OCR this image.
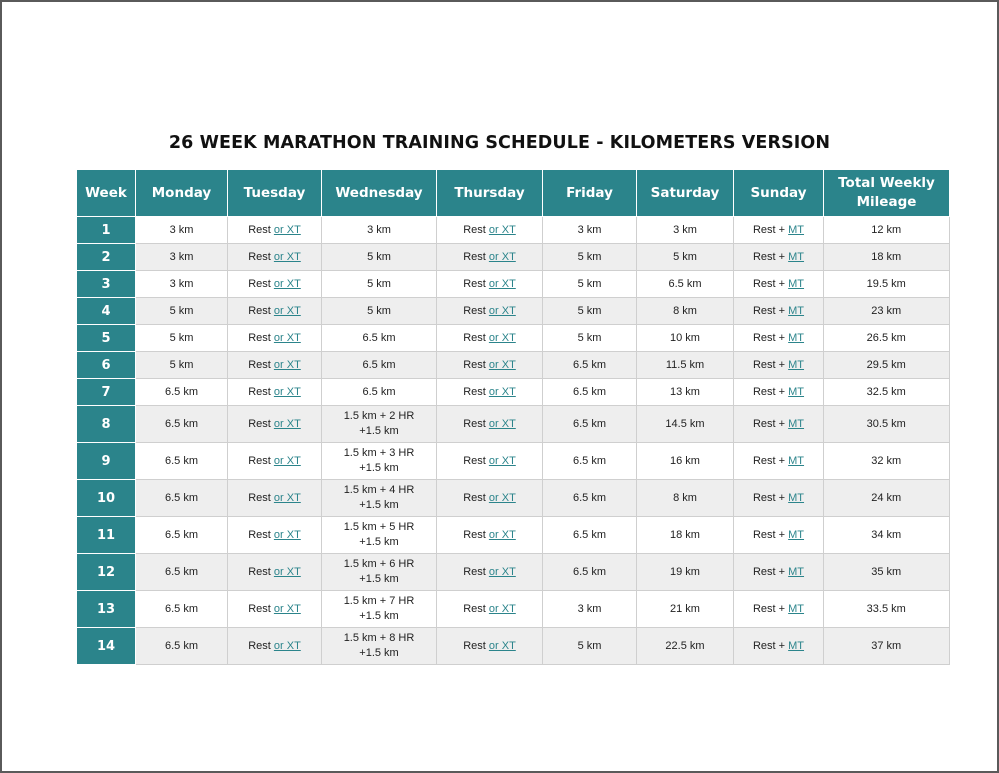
26 WEEK MARATHON TRAINING SCHEDULE - KILOMETERS VERSION
Week	Monday	Tuesday	Wednesday	Thursday	Friday	Saturday	Sunday	Total Weekly Mileage
1	3 km	Rest or XT	3 km	Rest or XT	3 km	3 km	Rest + MT	12 km
2	3 km	Rest or XT	5 km	Rest or XT	5 km	5 km	Rest + MT	18 km
3	3 km	Rest or XT	5 km	Rest or XT	5 km	6.5 km	Rest + MT	19.5 km
4	5 km	Rest or XT	5 km	Rest or XT	5 km	8 km	Rest + MT	23 km
5	5 km	Rest or XT	6.5 km	Rest or XT	5 km	10 km	Rest + MT	26.5 km
6	5 km	Rest or XT	6.5 km	Rest or XT	6.5 km	11.5 km	Rest + MT	29.5 km
7	6.5 km	Rest or XT	6.5 km	Rest or XT	6.5 km	13 km	Rest + MT	32.5 km
8	6.5 km	Rest or XT	1.5 km + 2 HR
+1.5 km	Rest or XT	6.5 km	14.5 km	Rest + MT	30.5 km
9	6.5 km	Rest or XT	1.5 km + 3 HR
+1.5 km	Rest or XT	6.5 km	16 km	Rest + MT	32 km
10	6.5 km	Rest or XT	1.5 km + 4 HR
+1.5 km	Rest or XT	6.5 km	8 km	Rest + MT	24 km
11	6.5 km	Rest or XT	1.5 km + 5 HR
+1.5 km	Rest or XT	6.5 km	18 km	Rest + MT	34 km
12	6.5 km	Rest or XT	1.5 km + 6 HR
+1.5 km	Rest or XT	6.5 km	19 km	Rest + MT	35 km
13	6.5 km	Rest or XT	1.5 km + 7 HR
+1.5 km	Rest or XT	3 km	21 km	Rest + MT	33.5 km
14	6.5 km	Rest or XT	1.5 km + 8 HR
+1.5 km	Rest or XT	5 km	22.5 km	Rest + MT	37 km
